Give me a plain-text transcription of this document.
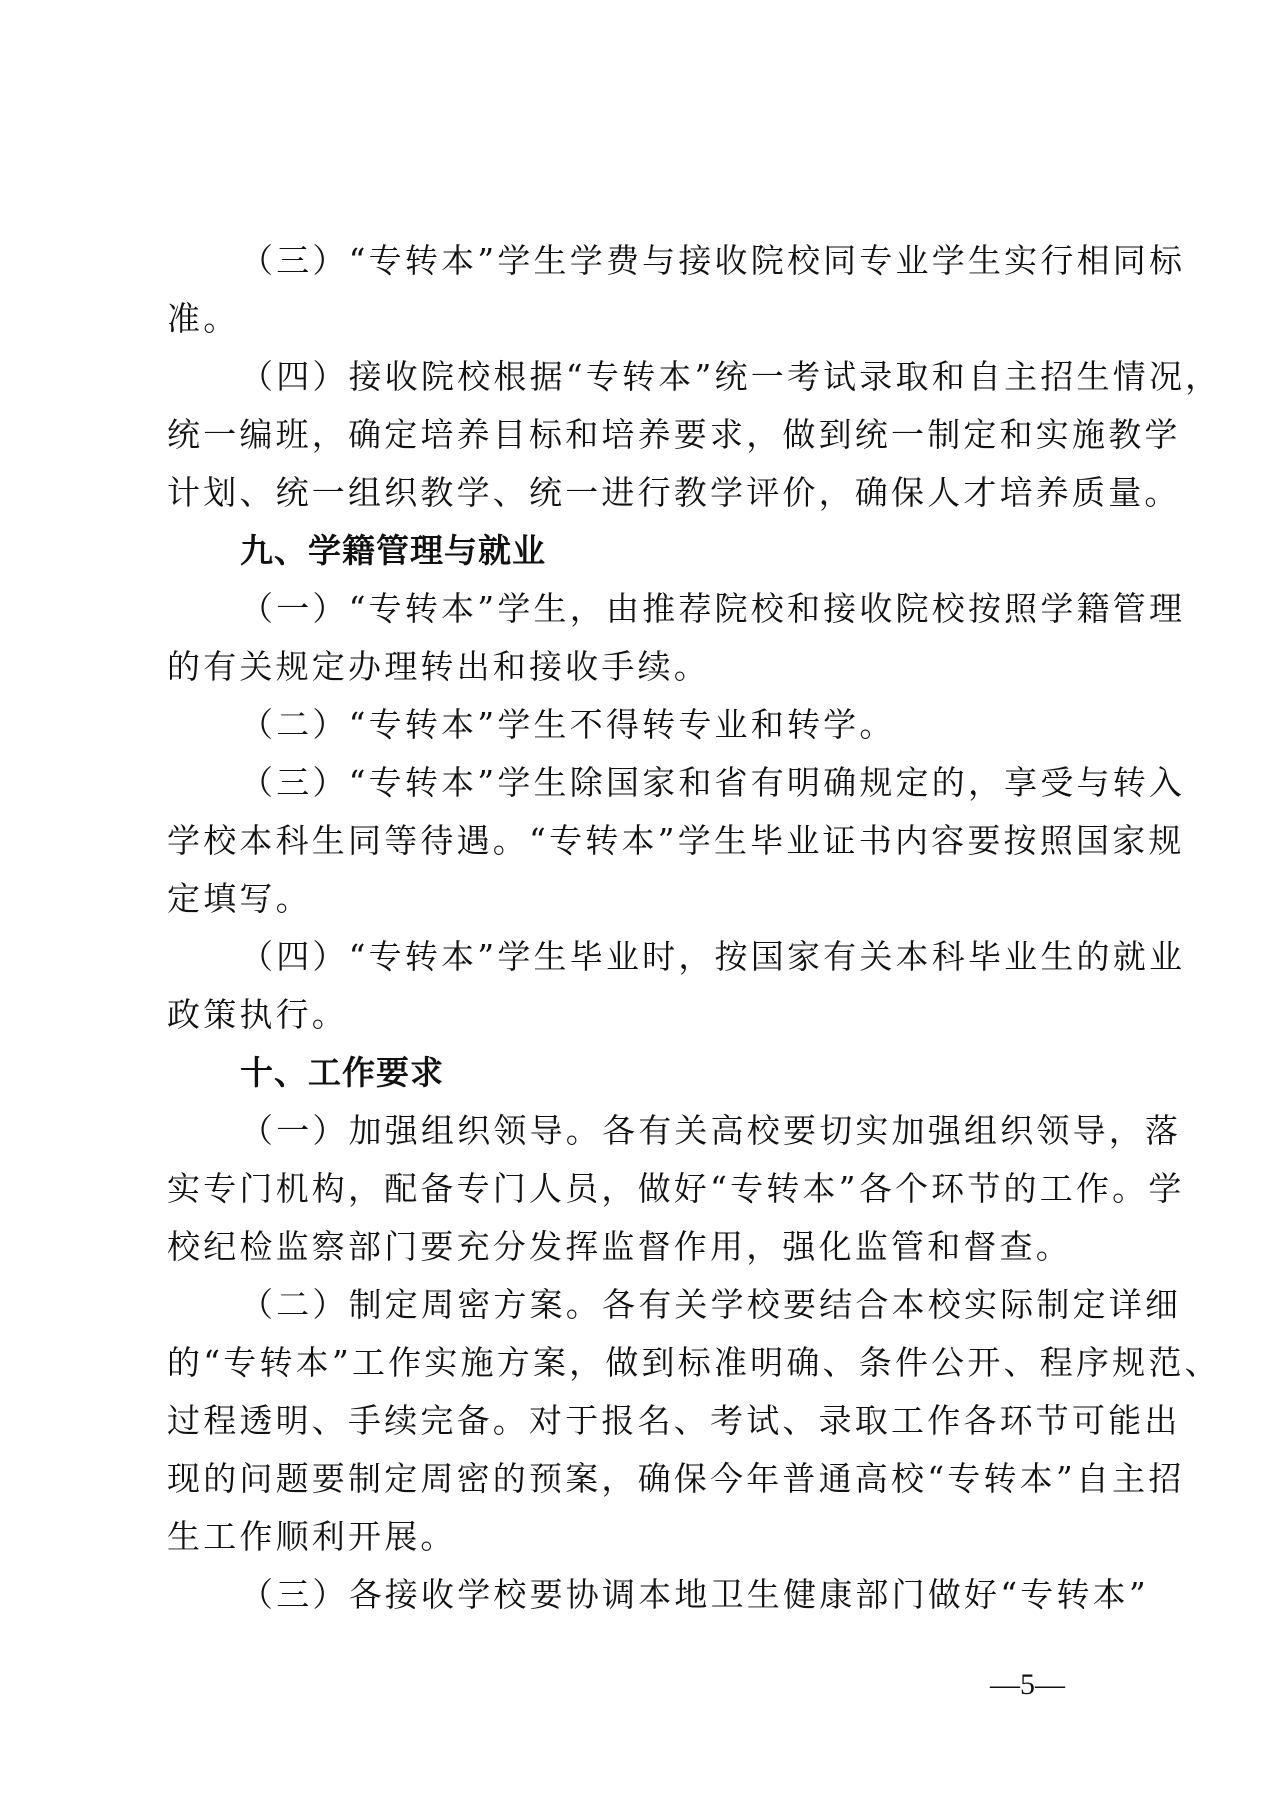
（三）“专转本”学生学费与接收院校同专业学生实行相同标
准。
（四）接收院校根据“专转本”统一考试录取和自主招生情况，
统一编班，确定培养目标和培养要求，做到统一制定和实施教学
计划、统一组织教学、统一进行教学评价，确保人才培养质量。
九、学籍管理与就业
（一）“专转本”学生，由推荐院校和接收院校按照学籍管理
的有关规定办理转出和接收手续。
（二）“专转本”学生不得转专业和转学。
（三）“专转本”学生除国家和省有明确规定的，享受与转入
学校本科生同等待遇。“专转本”学生毕业证书内容要按照国家规
定填写。
（四）“专转本”学生毕业时，按国家有关本科毕业生的就业
政策执行。
十、工作要求
（一）加强组织领导。各有关高校要切实加强组织领导，落
实专门机构，配备专门人员，做好“专转本”各个环节的工作。学
校纪检监察部门要充分发挥监督作用，强化监管和督查。
（二）制定周密方案。各有关学校要结合本校实际制定详细
的“专转本”工作实施方案，做到标准明确、条件公开、程序规范、
过程透明、手续完备。对于报名、考试、录取工作各环节可能出
现的问题要制定周密的预案，确保今年普通高校“专转本”自主招
生工作顺利开展。
（三）各接收学校要协调本地卫生健康部门做好“专转本”
—5—
